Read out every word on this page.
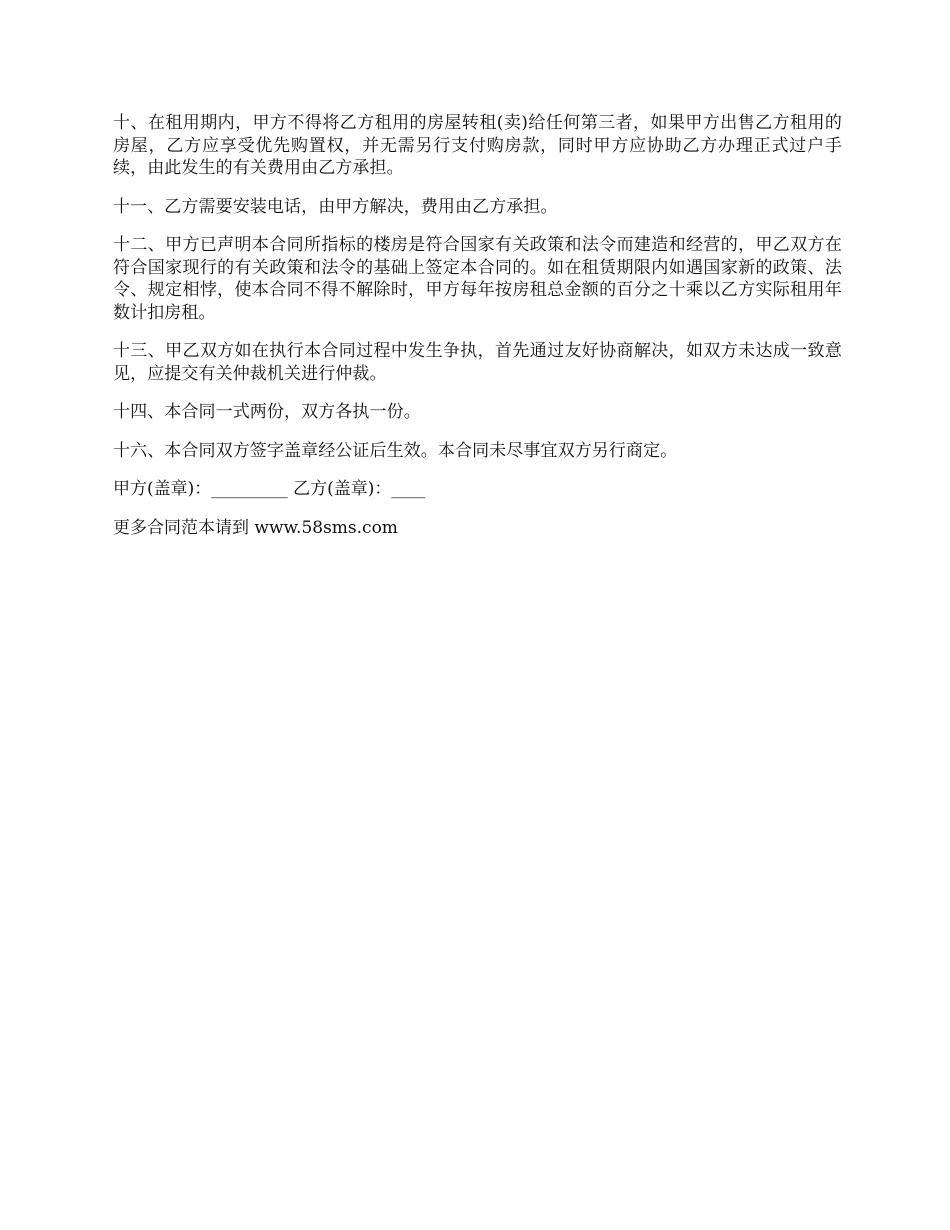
十、在租用期内，甲方不得将乙方租用的房屋转租(卖)给任何第三者，如果甲方出售乙方租用的房屋，乙方应享受优先购置权，并无需另行支付购房款，同时甲方应协助乙方办理正式过户手续，由此发生的有关费用由乙方承担。

十一、乙方需要安装电话，由甲方解决，费用由乙方承担。

十二、甲方已声明本合同所指标的楼房是符合国家有关政策和法令而建造和经营的，甲乙双方在符合国家现行的有关政策和法令的基础上签定本合同的。如在租赁期限内如遇国家新的政策、法令、规定相悖，使本合同不得不解除时，甲方每年按房租总金额的百分之十乘以乙方实际租用年数计扣房租。

十三、甲乙双方如在执行本合同过程中发生争执，首先通过友好协商解决，如双方未达成一致意见，应提交有关仲裁机关进行仲裁。

十四、本合同一式两份，双方各执一份。

十六、本合同双方签字盖章经公证后生效。本合同未尽事宜双方另行商定。

甲方(盖章)：_________ 乙方(盖章)：____

更多合同范本请到 www.58sms.com
